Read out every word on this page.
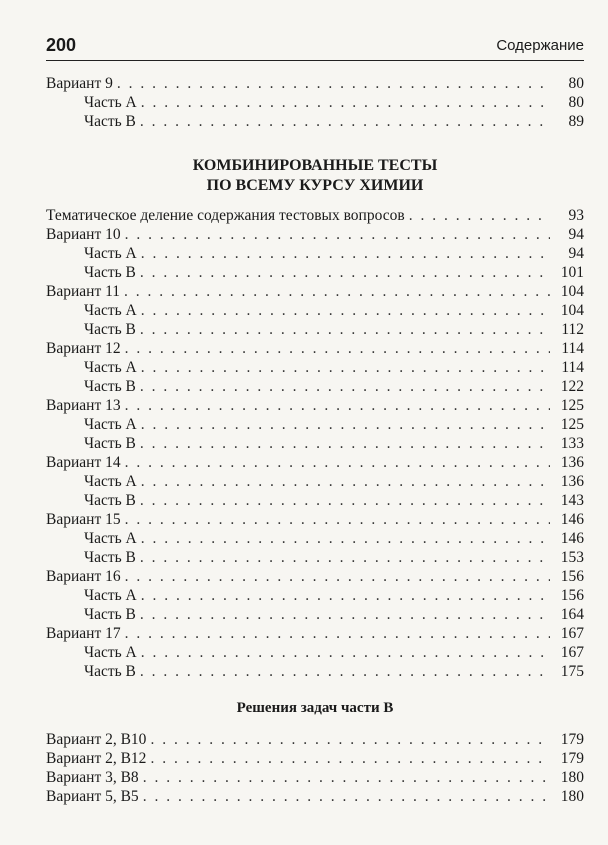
200	Содержание
Вариант 9 . . .	80
Часть А . . .	80
Часть В . . .	89
КОМБИНИРОВАННЫЕ ТЕСТЫ
ПО ВСЕМУ КУРСУ ХИМИИ
Тематическое деление содержания тестовых вопросов . . .	93
Вариант 10 . . .	94
Часть А . . .	94
Часть В . . .	101
Вариант 11 . . .	104
Часть А . . .	104
Часть В . . .	112
Вариант 12 . . .	114
Часть А . . .	114
Часть В . . .	122
Вариант 13 . . .	125
Часть А . . .	125
Часть В . . .	133
Вариант 14 . . .	136
Часть А . . .	136
Часть В . . .	143
Вариант 15 . . .	146
Часть А . . .	146
Часть В . . .	153
Вариант 16 . . .	156
Часть А . . .	156
Часть В . . .	164
Вариант 17 . . .	167
Часть А . . .	167
Часть В . . .	175
Решения задач части В
Вариант 2, В10 . . .	179
Вариант 2, В12 . . .	179
Вариант 3, В8 . . .	180
Вариант 5, В5 . . .	180
